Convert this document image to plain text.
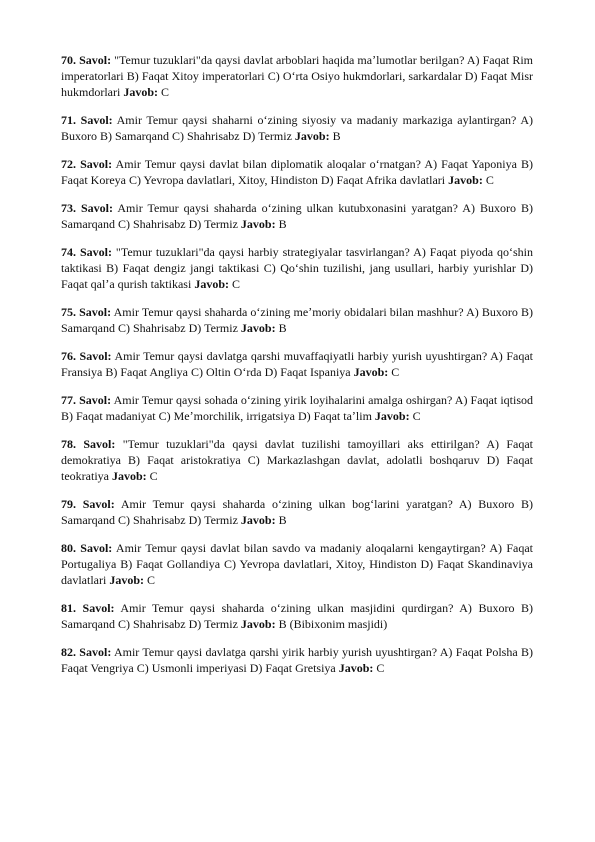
70. Savol: "Temur tuzuklari"da qaysi davlat arboblari haqida maʼlumotlar berilgan? A) Faqat Rim imperatorlari B) Faqat Xitoy imperatorlari C) Oʻrta Osiyo hukmdorlari, sarkardalar D) Faqat Misr hukmdorlari Javob: C

71. Savol: Amir Temur qaysi shaharni oʻzining siyosiy va madaniy markaziga aylantirgan? A) Buxoro B) Samarqand C) Shahrisabz D) Termiz Javob: B

72. Savol: Amir Temur qaysi davlat bilan diplomatik aloqalar oʻrnatgan? A) Faqat Yaponiya B) Faqat Koreya C) Yevropa davlatlari, Xitoy, Hindiston D) Faqat Afrika davlatlari Javob: C

73. Savol: Amir Temur qaysi shaharda oʻzining ulkan kutubxonasini yaratgan? A) Buxoro B) Samarqand C) Shahrisabz D) Termiz Javob: B

74. Savol: "Temur tuzuklari"da qaysi harbiy strategiyalar tasvirlangan? A) Faqat piyoda qoʻshin taktikasi B) Faqat dengiz jangi taktikasi C) Qoʻshin tuzilishi, jang usullari, harbiy yurishlar D) Faqat qalʼa qurish taktikasi Javob: C

75. Savol: Amir Temur qaysi shaharda oʻzining meʼmoriy obidalari bilan mashhur? A) Buxoro B) Samarqand C) Shahrisabz D) Termiz Javob: B

76. Savol: Amir Temur qaysi davlatga qarshi muvaffaqiyatli harbiy yurish uyushtirgan? A) Faqat Fransiya B) Faqat Angliya C) Oltin Oʻrda D) Faqat Ispaniya Javob: C

77. Savol: Amir Temur qaysi sohada oʻzining yirik loyihalarini amalga oshirgan? A) Faqat iqtisod B) Faqat madaniyat C) Meʼmorchilik, irrigatsiya D) Faqat taʼlim Javob: C

78. Savol: "Temur tuzuklari"da qaysi davlat tuzilishi tamoyillari aks ettirilgan? A) Faqat demokratiya B) Faqat aristokratiya C) Markazlashgan davlat, adolatli boshqaruv D) Faqat teokratiya Javob: C

79. Savol: Amir Temur qaysi shaharda oʻzining ulkan bogʻlarini yaratgan? A) Buxoro B) Samarqand C) Shahrisabz D) Termiz Javob: B

80. Savol: Amir Temur qaysi davlat bilan savdo va madaniy aloqalarni kengaytirgan? A) Faqat Portugaliya B) Faqat Gollandiya C) Yevropa davlatlari, Xitoy, Hindiston D) Faqat Skandinaviya davlatlari Javob: C

81. Savol: Amir Temur qaysi shaharda oʻzining ulkan masjidini qurdirgan? A) Buxoro B) Samarqand C) Shahrisabz D) Termiz Javob: B (Bibixonim masjidi)

82. Savol: Amir Temur qaysi davlatga qarshi yirik harbiy yurish uyushtirgan? A) Faqat Polsha B) Faqat Vengriya C) Usmonli imperiyasi D) Faqat Gretsiya Javob: C
